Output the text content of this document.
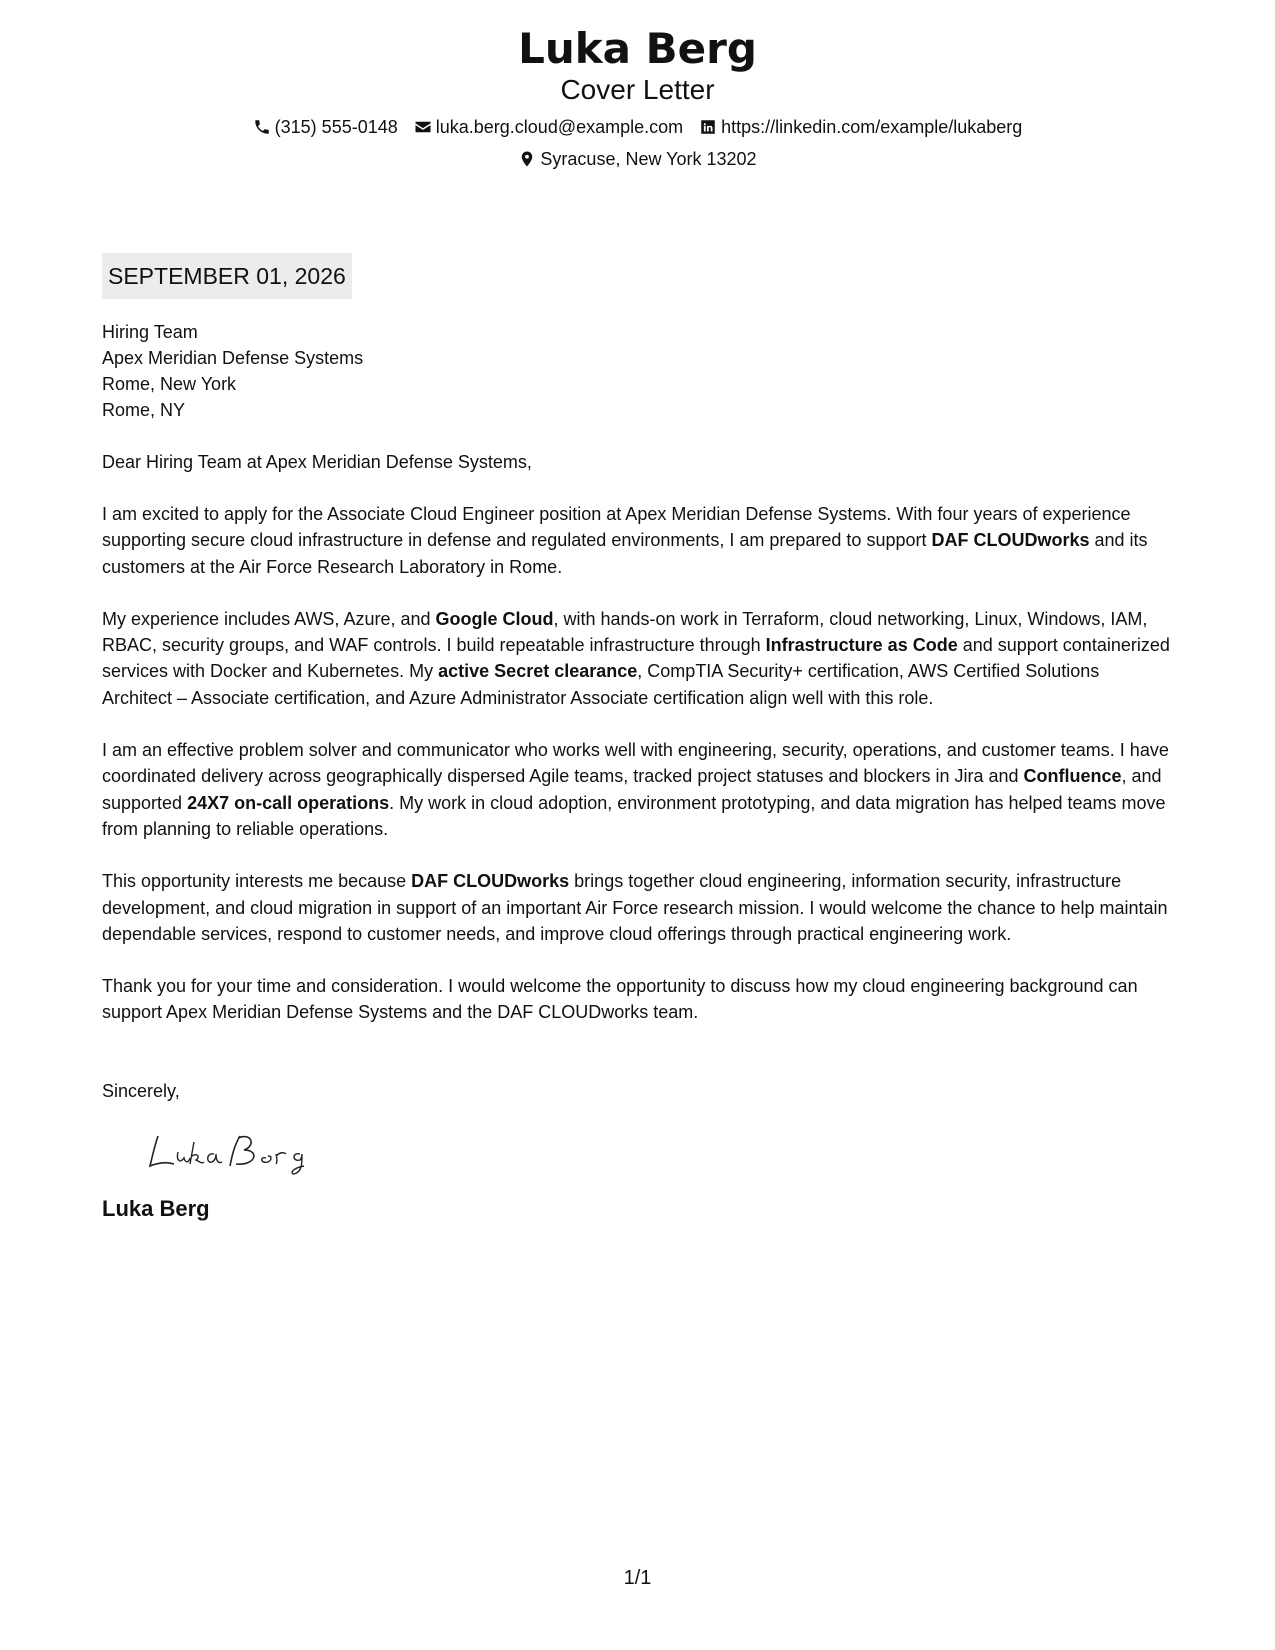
Luka Berg
Cover Letter
(315) 555-0148 luka.berg.cloud@example.com https://linkedin.com/example/lukaberg
Syracuse, New York 13202
SEPTEMBER 01, 2026
Hiring Team
Apex Meridian Defense Systems
Rome, New York
Rome, NY
Dear Hiring Team at Apex Meridian Defense Systems,
I am excited to apply for the Associate Cloud Engineer position at Apex Meridian Defense Systems. With four years of experience supporting secure cloud infrastructure in defense and regulated environments, I am prepared to support DAF CLOUDworks and its customers at the Air Force Research Laboratory in Rome.
My experience includes AWS, Azure, and Google Cloud, with hands-on work in Terraform, cloud networking, Linux, Windows, IAM, RBAC, security groups, and WAF controls. I build repeatable infrastructure through Infrastructure as Code and support containerized services with Docker and Kubernetes. My active Secret clearance, CompTIA Security+ certification, AWS Certified Solutions Architect – Associate certification, and Azure Administrator Associate certification align well with this role.
I am an effective problem solver and communicator who works well with engineering, security, operations, and customer teams. I have coordinated delivery across geographically dispersed Agile teams, tracked project statuses and blockers in Jira and Confluence, and supported 24X7 on-call operations. My work in cloud adoption, environment prototyping, and data migration has helped teams move from planning to reliable operations.
This opportunity interests me because DAF CLOUDworks brings together cloud engineering, information security, infrastructure development, and cloud migration in support of an important Air Force research mission. I would welcome the chance to help maintain dependable services, respond to customer needs, and improve cloud offerings through practical engineering work.
Thank you for your time and consideration. I would welcome the opportunity to discuss how my cloud engineering background can support Apex Meridian Defense Systems and the DAF CLOUDworks team.
Sincerely,
Luka Berg
1/1
